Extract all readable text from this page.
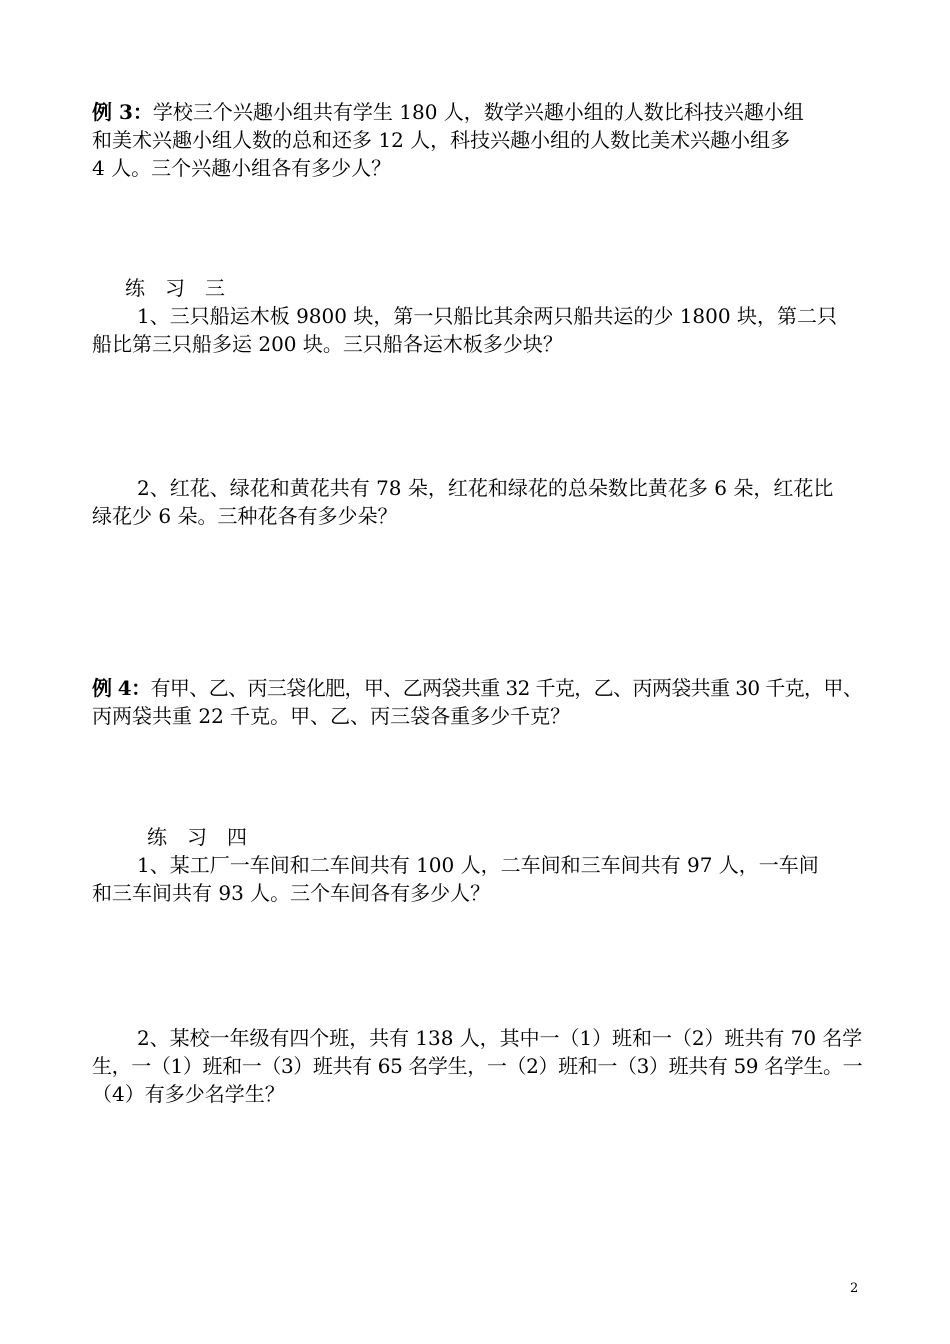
例 3：学校三个兴趣小组共有学生 180 人，数学兴趣小组的人数比科技兴趣小组
和美术兴趣小组人数的总和还多 12 人，科技兴趣小组的人数比美术兴趣小组多
4 人。三个兴趣小组各有多少人？
练　习　三
1、三只船运木板 9800 块，第一只船比其余两只船共运的少 1800 块，第二只
船比第三只船多运 200 块。三只船各运木板多少块？
2、红花、绿花和黄花共有 78 朵，红花和绿花的总朵数比黄花多 6 朵，红花比
绿花少 6 朵。三种花各有多少朵？
例 4：有甲、乙、丙三袋化肥，甲、乙两袋共重 32 千克，乙、丙两袋共重 30 千克，甲、
丙两袋共重 22 千克。甲、乙、丙三袋各重多少千克？
练　习　四
1、某工厂一车间和二车间共有 100 人，二车间和三车间共有 97 人，一车间
和三车间共有 93 人。三个车间各有多少人？
2、某校一年级有四个班，共有 138 人，其中一（1）班和一（2）班共有 70 名学
生，一（1）班和一（3）班共有 65 名学生，一（2）班和一（3）班共有 59 名学生。一
（4）有多少名学生？
2
